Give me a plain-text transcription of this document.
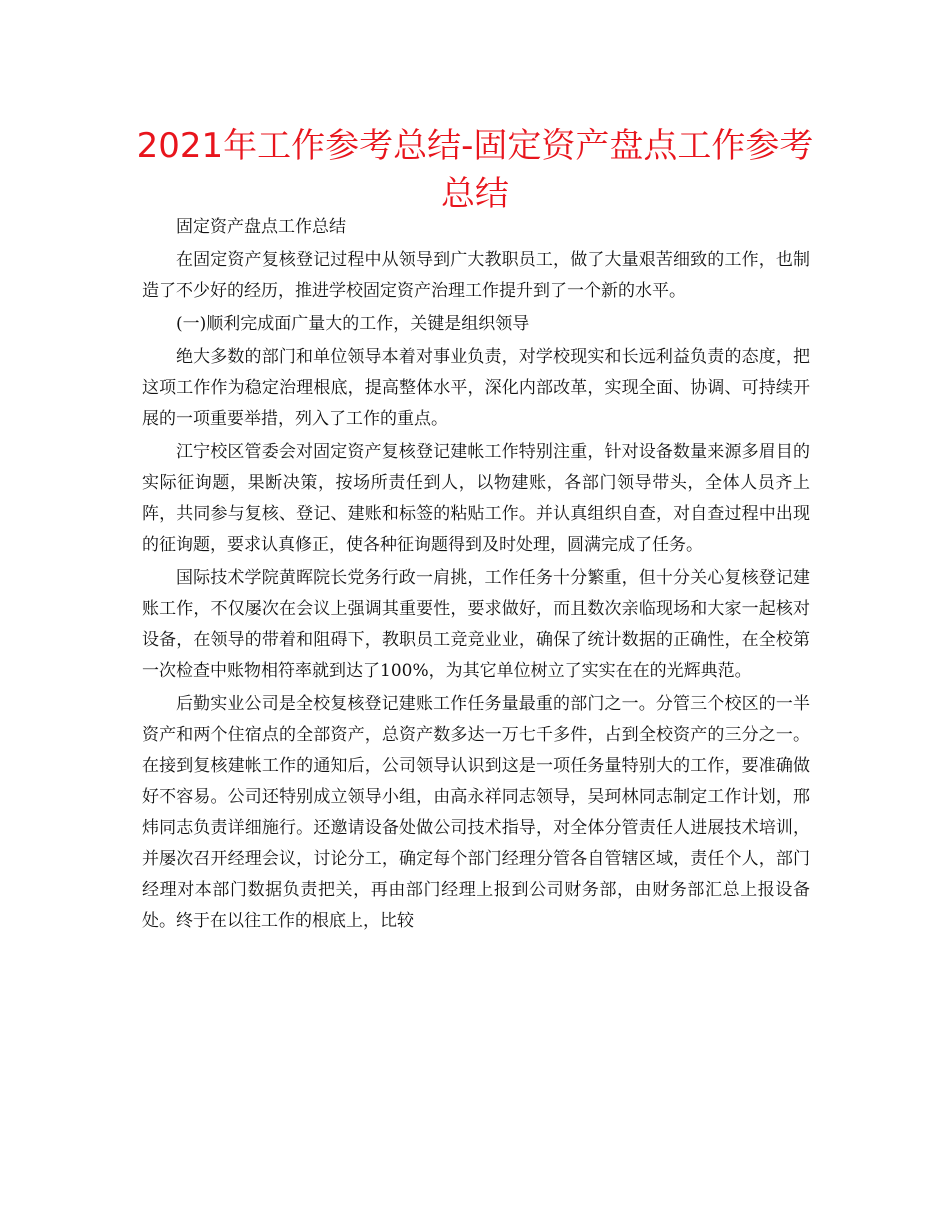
2021年工作参考总结-固定资产盘点工作参考总结

固定资产盘点工作总结

在固定资产复核登记过程中从领导到广大教职员工，做了大量艰苦细致的工作，也制造了不少好的经历，推进学校固定资产治理工作提升到了一个新的水平。

(一)顺利完成面广量大的工作，关键是组织领导

绝大多数的部门和单位领导本着对事业负责，对学校现实和长远利益负责的态度，把这项工作作为稳定治理根底，提高整体水平，深化内部改革，实现全面、协调、可持续开展的一项重要举措，列入了工作的重点。

江宁校区管委会对固定资产复核登记建帐工作特别注重，针对设备数量来源多眉目的实际征询题，果断决策，按场所责任到人，以物建账，各部门领导带头，全体人员齐上阵，共同参与复核、登记、建账和标签的粘贴工作。并认真组织自查，对自查过程中出现的征询题，要求认真修正，使各种征询题得到及时处理，圆满完成了任务。

国际技术学院黄晖院长党务行政一肩挑，工作任务十分繁重，但十分关心复核登记建账工作，不仅屡次在会议上强调其重要性，要求做好，而且数次亲临现场和大家一起核对设备，在领导的带着和阻碍下，教职员工竞竞业业，确保了统计数据的正确性，在全校第一次检查中账物相符率就到达了100%，为其它单位树立了实实在在的光辉典范。

后勤实业公司是全校复核登记建账工作任务量最重的部门之一。分管三个校区的一半资产和两个住宿点的全部资产，总资产数多达一万七千多件，占到全校资产的三分之一。在接到复核建帐工作的通知后，公司领导认识到这是一项任务量特别大的工作，要准确做好不容易。公司还特别成立领导小组，由高永祥同志领导，吴珂林同志制定工作计划，邢炜同志负责详细施行。还邀请设备处做公司技术指导，对全体分管责任人进展技术培训，并屡次召开经理会议，讨论分工，确定每个部门经理分管各自管辖区域，责任个人，部门经理对本部门数据负责把关，再由部门经理上报到公司财务部，由财务部汇总上报设备处。终于在以往工作的根底上，比较
